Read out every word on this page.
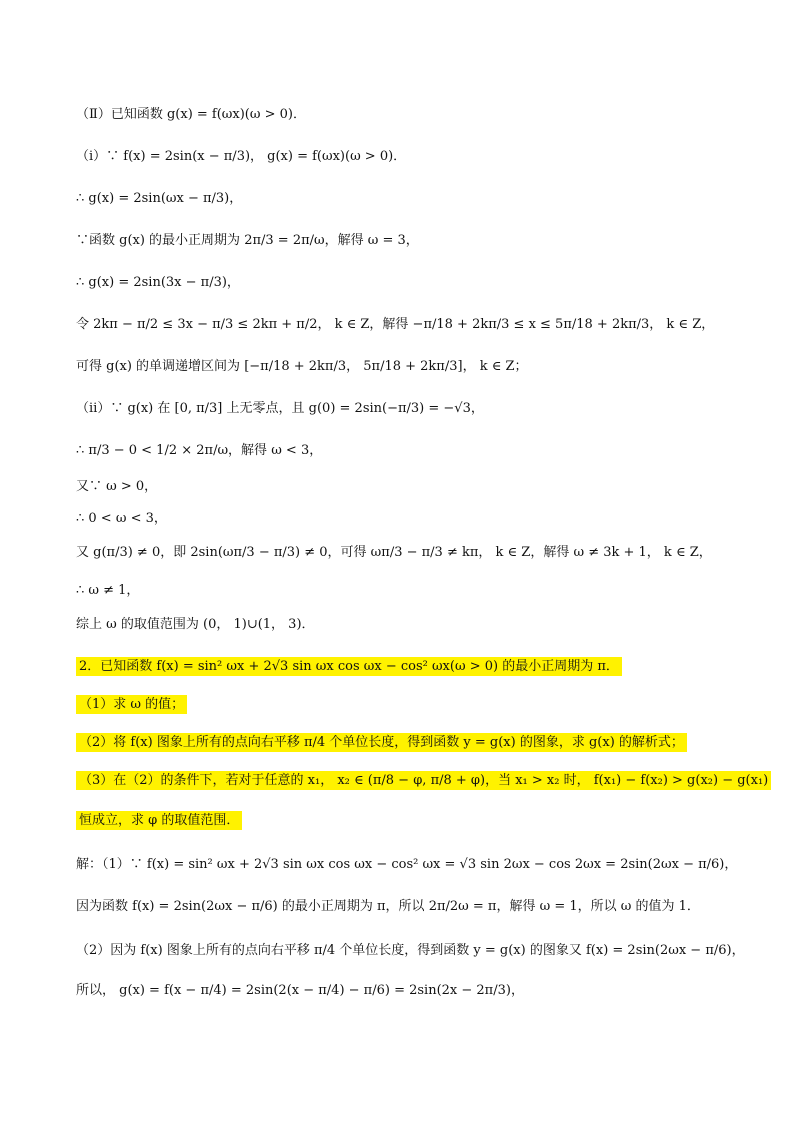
（Ⅱ）已知函数 g(x) = f(ωx)(ω > 0)．
（ⅰ）∵ f(x) = 2sin(x − π/3)， g(x) = f(ωx)(ω > 0)．
∴ g(x) = 2sin(ωx − π/3)，
∵函数 g(x) 的最小正周期为 2π/3 = 2π/ω，解得 ω = 3，
∴ g(x) = 2sin(3x − π/3)，
令 2kπ − π/2 ≤ 3x − π/3 ≤ 2kπ + π/2， k ∈ Z，解得 −π/18 + 2kπ/3 ≤ x ≤ 5π/18 + 2kπ/3， k ∈ Z，
可得 g(x) 的单调递增区间为 [−π/18 + 2kπ/3， 5π/18 + 2kπ/3]， k ∈ Z；
（ⅱ）∵ g(x) 在 [0, π/3] 上无零点，且 g(0) = 2sin(−π/3) = −√3，
∴ π/3 − 0 < 1/2 × 2π/ω，解得 ω < 3，
又∵ ω > 0，
∴ 0 < ω < 3，
又 g(π/3) ≠ 0，即 2sin(ωπ/3 − π/3) ≠ 0，可得 ωπ/3 − π/3 ≠ kπ， k ∈ Z，解得 ω ≠ 3k + 1， k ∈ Z，
∴ ω ≠ 1，
综上 ω 的取值范围为 (0， 1)∪(1， 3)．
2．已知函数 f(x) = sin² ωx + 2√3 sin ωx cos ωx − cos² ωx(ω > 0) 的最小正周期为 π．
（1）求 ω 的值；
（2）将 f(x) 图象上所有的点向右平移 π/4 个单位长度，得到函数 y = g(x) 的图象，求 g(x) 的解析式；
（3）在（2）的条件下，若对于任意的 x₁， x₂ ∈ (π/8 − φ, π/8 + φ)，当 x₁ > x₂ 时， f(x₁) − f(x₂) > g(x₂) − g(x₁)
恒成立，求 φ 的取值范围．
解：（1）∵ f(x) = sin² ωx + 2√3 sin ωx cos ωx − cos² ωx = √3 sin 2ωx − cos 2ωx = 2sin(2ωx − π/6)，
因为函数 f(x) = 2sin(2ωx − π/6) 的最小正周期为 π，所以 2π/2ω = π，解得 ω = 1，所以 ω 的值为 1．
（2）因为 f(x) 图象上所有的点向右平移 π/4 个单位长度，得到函数 y = g(x) 的图象又 f(x) = 2sin(2ωx − π/6)，
所以， g(x) = f(x − π/4) = 2sin(2(x − π/4) − π/6) = 2sin(2x − 2π/3)，
